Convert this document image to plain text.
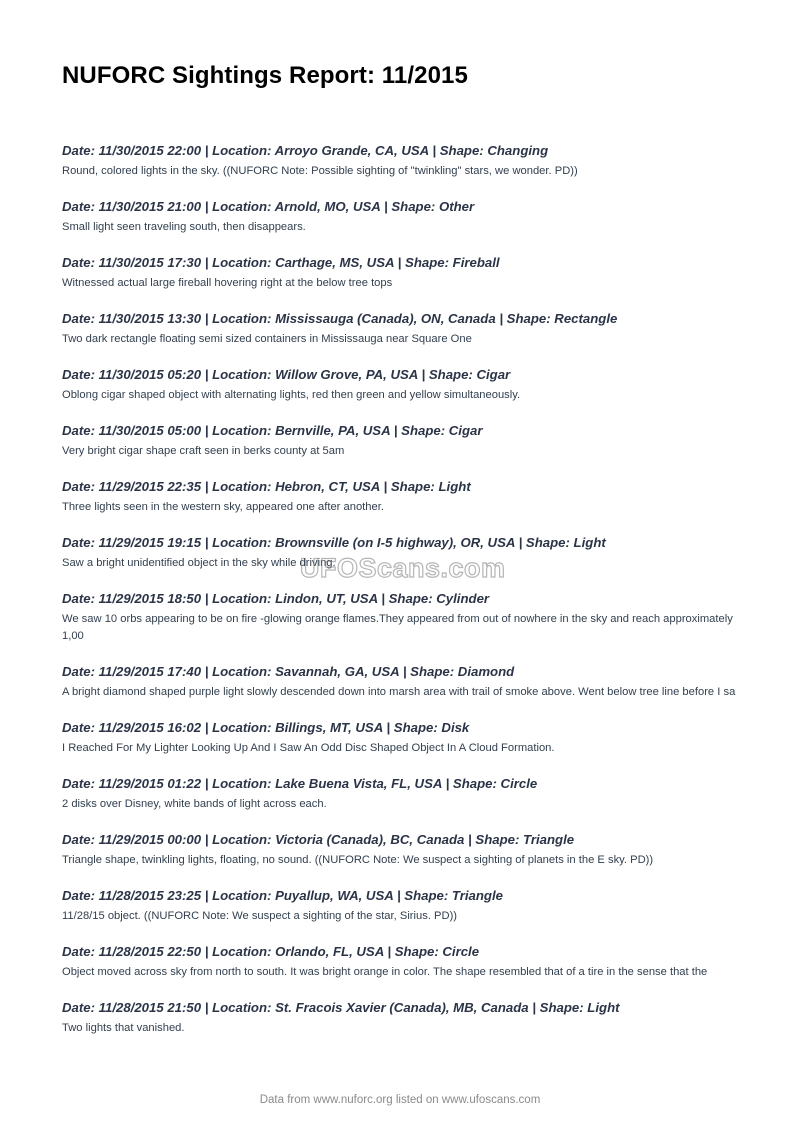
NUFORC Sightings Report: 11/2015
Date: 11/30/2015 22:00 | Location: Arroyo Grande, CA, USA | Shape: Changing
Round, colored lights in the sky. ((NUFORC Note: Possible sighting of "twinkling" stars, we wonder. PD))
Date: 11/30/2015 21:00 | Location: Arnold, MO, USA | Shape: Other
Small light seen traveling south, then disappears.
Date: 11/30/2015 17:30 | Location: Carthage, MS, USA | Shape: Fireball
Witnessed actual large fireball hovering right at the below tree tops
Date: 11/30/2015 13:30 | Location: Mississauga (Canada), ON, Canada | Shape: Rectangle
Two dark rectangle floating semi sized containers in Mississauga near Square One
Date: 11/30/2015 05:20 | Location: Willow Grove, PA, USA | Shape: Cigar
Oblong cigar shaped object with alternating lights, red then green and yellow simultaneously.
Date: 11/30/2015 05:00 | Location: Bernville, PA, USA | Shape: Cigar
Very bright cigar shape craft seen in berks county at 5am
Date: 11/29/2015 22:35 | Location: Hebron, CT, USA | Shape: Light
Three lights seen in the western sky, appeared one after another.
Date: 11/29/2015 19:15 | Location: Brownsville (on I-5 highway), OR, USA | Shape: Light
Saw a bright unidentified object in the sky while driving.
Date: 11/29/2015 18:50 | Location: Lindon, UT, USA | Shape: Cylinder
We saw 10 orbs appearing to be on fire -glowing orange flames.They appeared from out of nowhere in the sky and reach approximately 1,00
Date: 11/29/2015 17:40 | Location: Savannah, GA, USA | Shape: Diamond
A bright diamond shaped purple light slowly descended down into marsh area with trail of smoke above. Went below tree line before I sa
Date: 11/29/2015 16:02 | Location: Billings, MT, USA | Shape: Disk
I Reached For My Lighter Looking Up And I Saw An Odd Disc Shaped Object In A Cloud Formation.
Date: 11/29/2015 01:22 | Location: Lake Buena Vista, FL, USA | Shape: Circle
2 disks over Disney, white bands of light across each.
Date: 11/29/2015 00:00 | Location: Victoria (Canada), BC, Canada | Shape: Triangle
Triangle shape, twinkling lights, floating, no sound. ((NUFORC Note: We suspect a sighting of planets in the E sky. PD))
Date: 11/28/2015 23:25 | Location: Puyallup, WA, USA | Shape: Triangle
11/28/15 object. ((NUFORC Note: We suspect a sighting of the star, Sirius. PD))
Date: 11/28/2015 22:50 | Location: Orlando, FL, USA | Shape: Circle
Object moved across sky from north to south. It was bright orange in color. The shape resembled that of a tire in the sense that the
Date: 11/28/2015 21:50 | Location: St. Fracois Xavier (Canada), MB, Canada | Shape: Light
Two lights that vanished.
UFOScans.com
Data from www.nuforc.org listed on www.ufoscans.com
